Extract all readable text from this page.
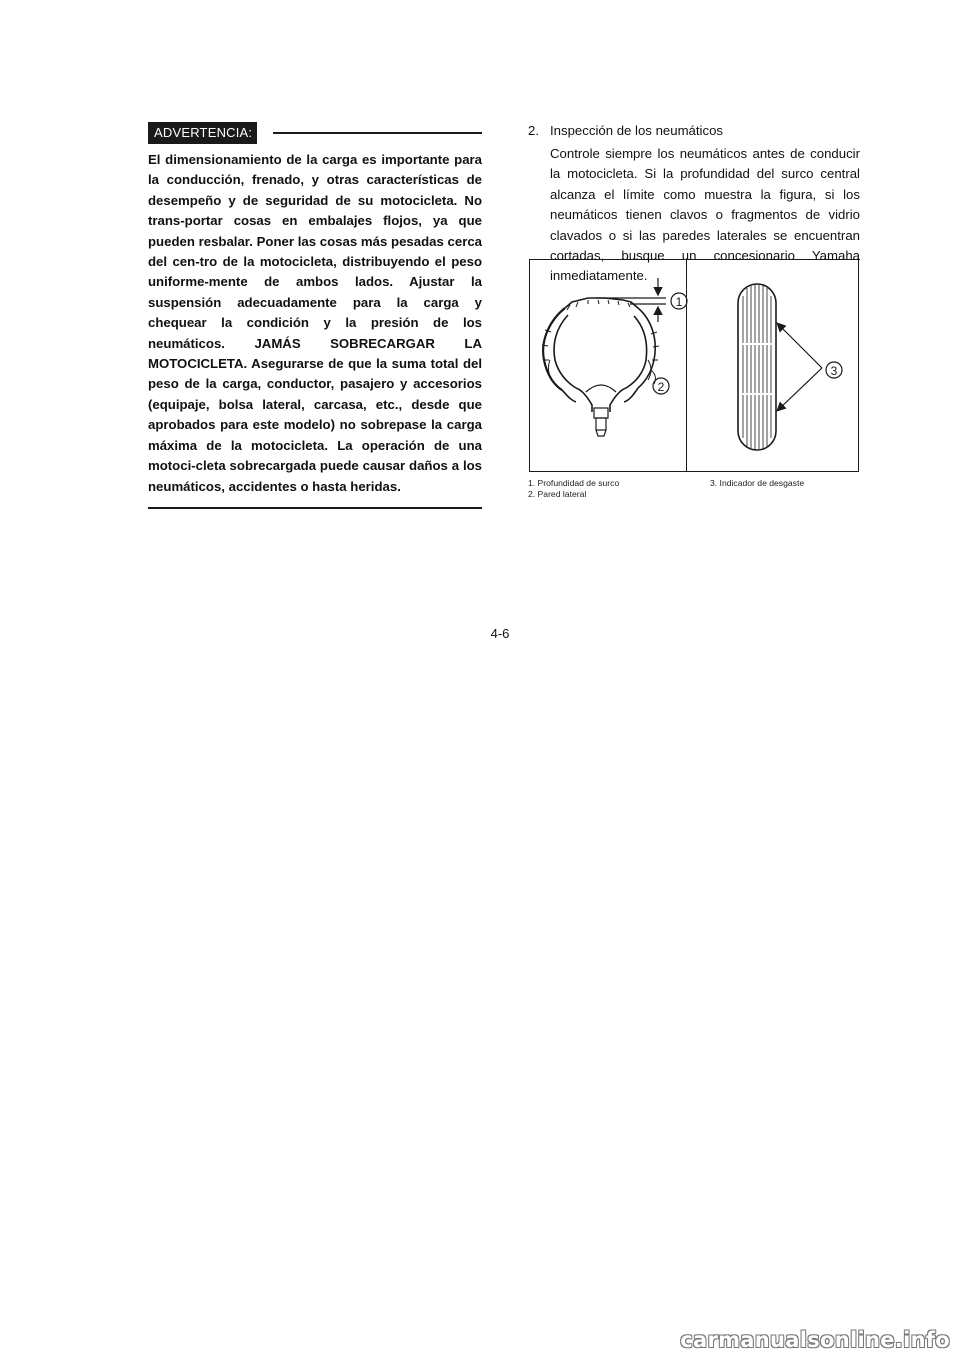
ADVERTENCIA:

El dimensionamiento de la carga es importante para la conducción, frenado, y otras características de desempeño y de seguridad de su motocicleta. No trans-portar cosas en embalajes flojos, ya que pueden resbalar. Poner las cosas más pesadas cerca del cen-tro de la motocicleta, distribuyendo el peso uniforme-mente de ambos lados. Ajustar la suspensión adecuadamente para la carga y chequear la condición y la presión de los neumáticos. JAMÁS SOBRECARGAR LA MOTOCICLETA. Asegurarse de que la suma total del peso de la carga, conductor, pasajero y accesorios (equipaje, bolsa lateral, carcasa, etc., desde que aprobados para este modelo) no sobrepase la carga máxima de la motocicleta. La operación de una motoci-cleta sobrecargada puede causar daños a los neumáticos, accidentes o hasta heridas.

2. Inspección de los neumáticos

Controle siempre los neumáticos antes de conducir la motocicleta. Si la profundidad del surco central alcanza el límite como muestra la figura, si los neumáticos tienen clavos o fragmentos de vidrio clavados o si las paredes laterales se encuentran cortadas, busque un concesionario Yamaha inmediatamente.

1
2
3
1. Profundidad de surco
2. Pared lateral
3. Indicador de desgaste
4-6
carmanualsonline.info
